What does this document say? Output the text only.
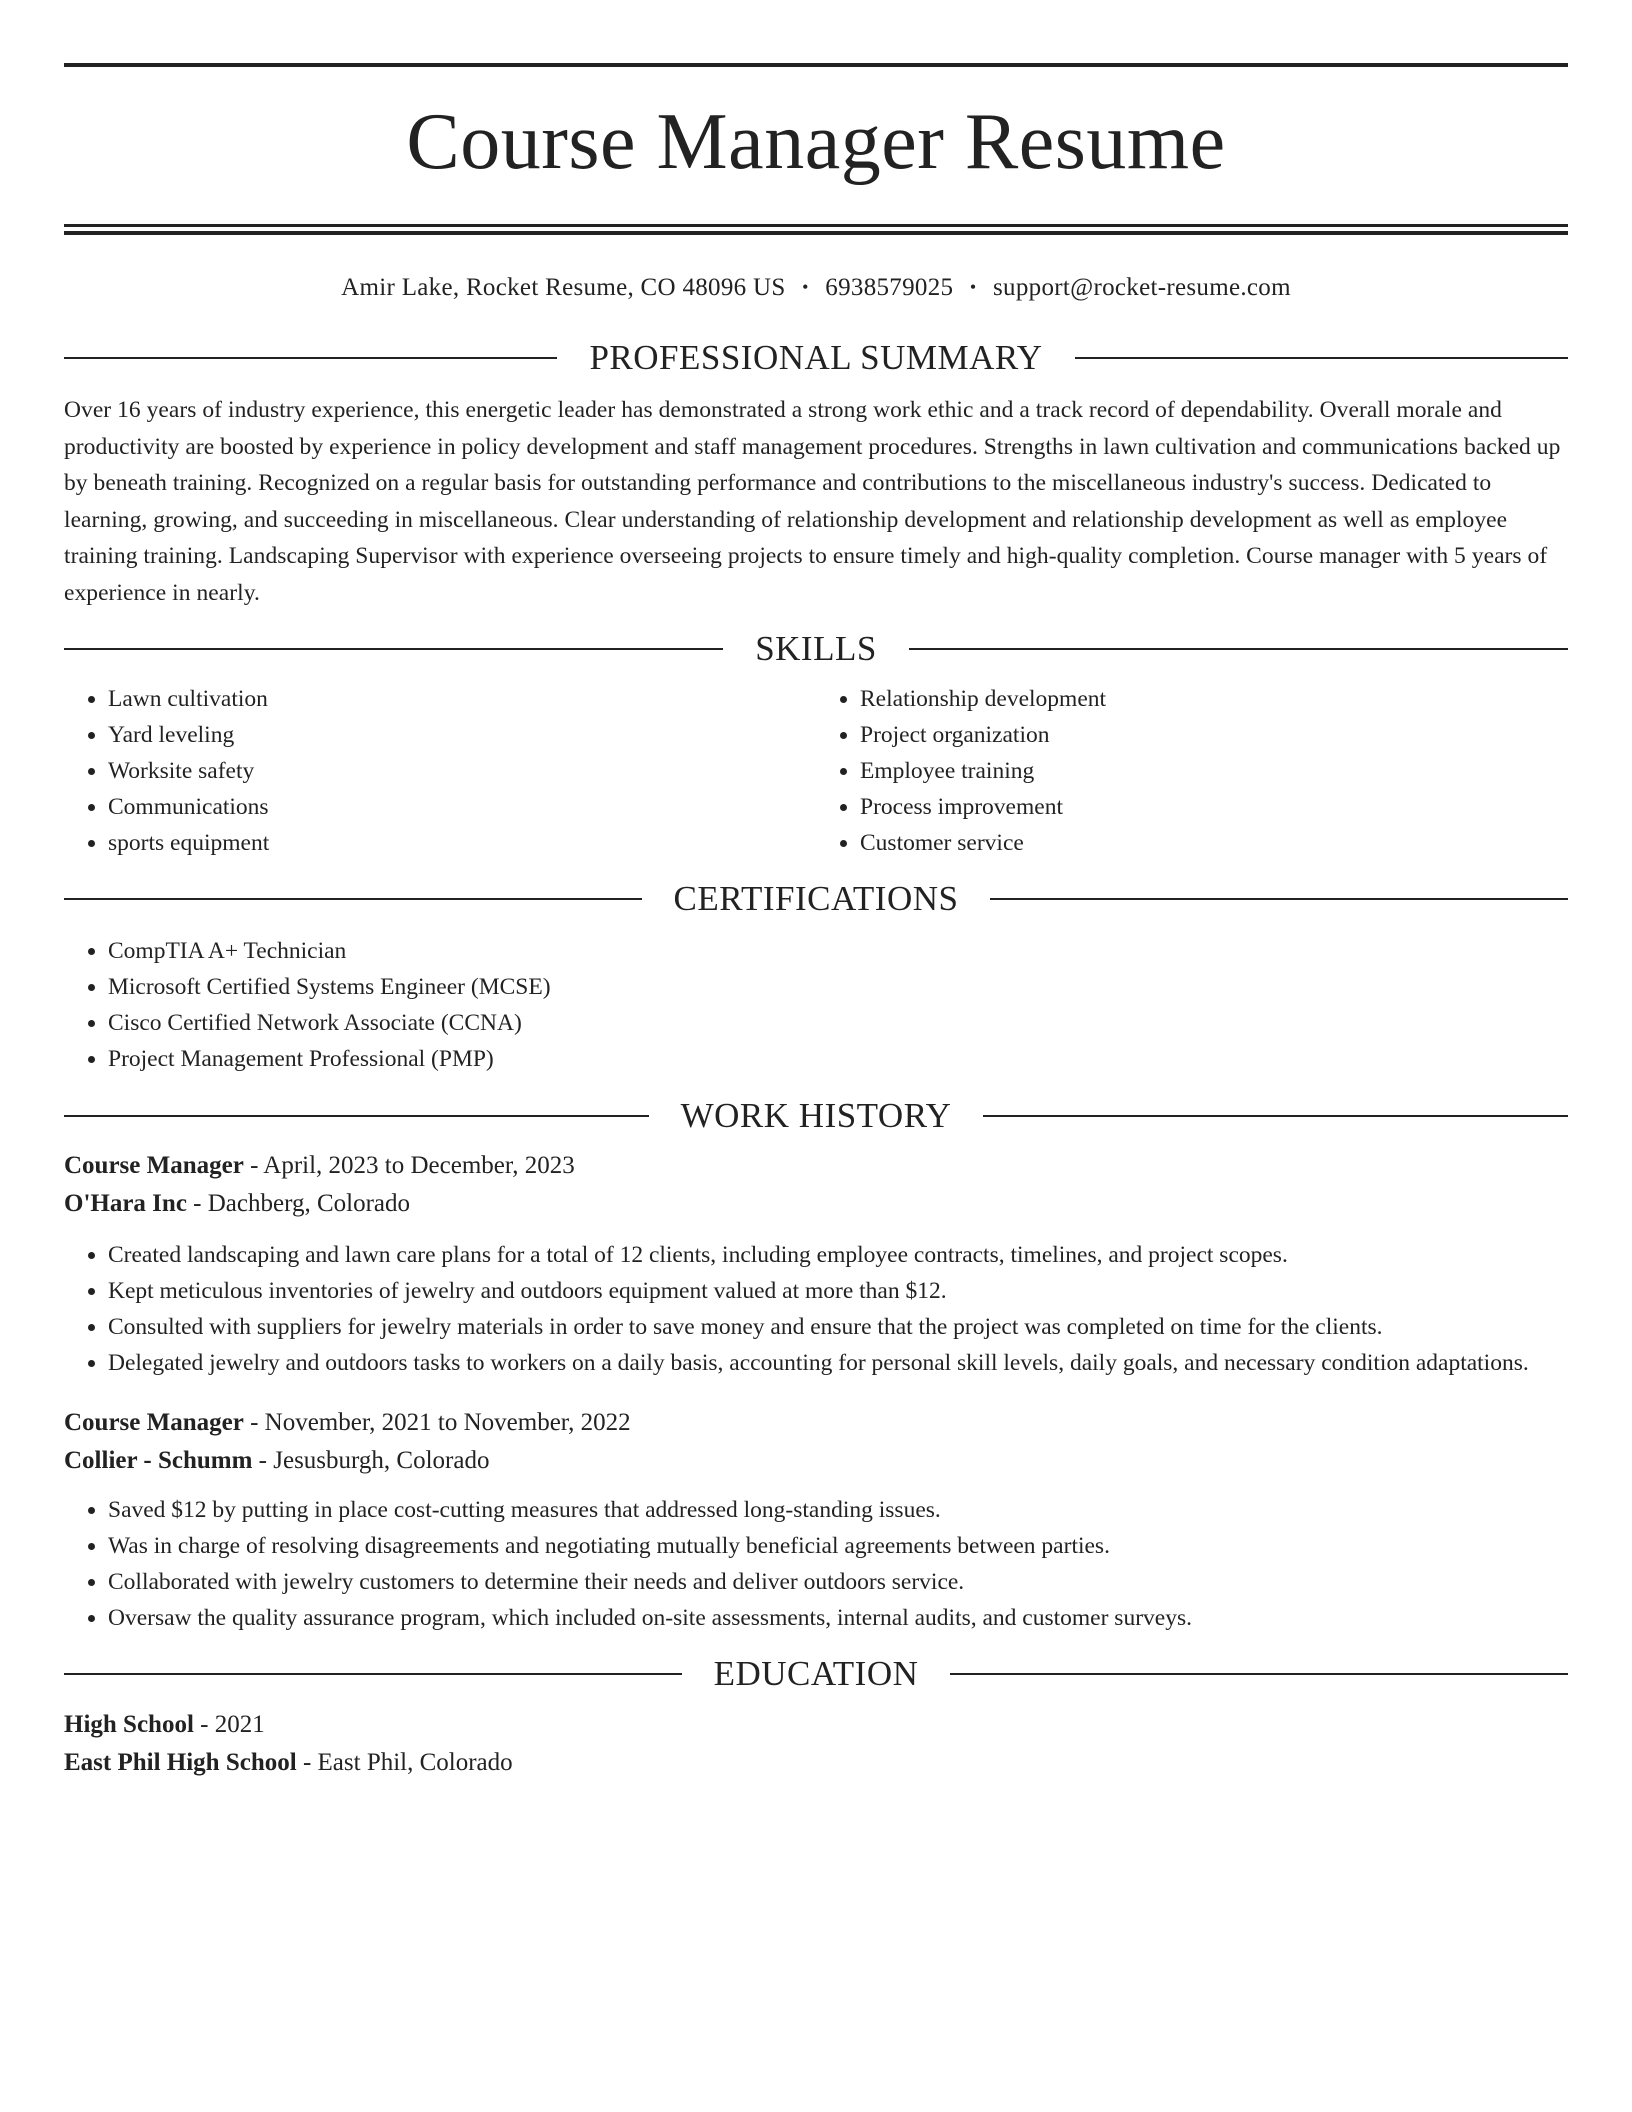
Course Manager Resume
Amir Lake, Rocket Resume, CO 48096 US • 6938579025 • support@rocket-resume.com
PROFESSIONAL SUMMARY

Over 16 years of industry experience, this energetic leader has demonstrated a strong work ethic and a track record of dependability. Overall morale and productivity are boosted by experience in policy development and staff management procedures. Strengths in lawn cultivation and communications backed up by beneath training. Recognized on a regular basis for outstanding performance and contributions to the miscellaneous industry's success. Dedicated to learning, growing, and succeeding in miscellaneous. Clear understanding of relationship development and relationship development as well as employee training training. Landscaping Supervisor with experience overseeing projects to ensure timely and high-quality completion. Course manager with 5 years of experience in nearly.

SKILLS
• Lawn cultivation
• Yard leveling
• Worksite safety
• Communications
• sports equipment
• Relationship development
• Project organization
• Employee training
• Process improvement
• Customer service
CERTIFICATIONS
• CompTIA A+ Technician
• Microsoft Certified Systems Engineer (MCSE)
• Cisco Certified Network Associate (CCNA)
• Project Management Professional (PMP)
WORK HISTORY
Course Manager - April, 2023 to December, 2023
O'Hara Inc - Dachberg, Colorado
• Created landscaping and lawn care plans for a total of 12 clients, including employee contracts, timelines, and project scopes.
• Kept meticulous inventories of jewelry and outdoors equipment valued at more than $12.
• Consulted with suppliers for jewelry materials in order to save money and ensure that the project was completed on time for the clients.
• Delegated jewelry and outdoors tasks to workers on a daily basis, accounting for personal skill levels, daily goals, and necessary condition adaptations.
Course Manager - November, 2021 to November, 2022
Collier - Schumm - Jesusburgh, Colorado
• Saved $12 by putting in place cost-cutting measures that addressed long-standing issues.
• Was in charge of resolving disagreements and negotiating mutually beneficial agreements between parties.
• Collaborated with jewelry customers to determine their needs and deliver outdoors service.
• Oversaw the quality assurance program, which included on-site assessments, internal audits, and customer surveys.
EDUCATION
High School - 2021
East Phil High School - East Phil, Colorado
